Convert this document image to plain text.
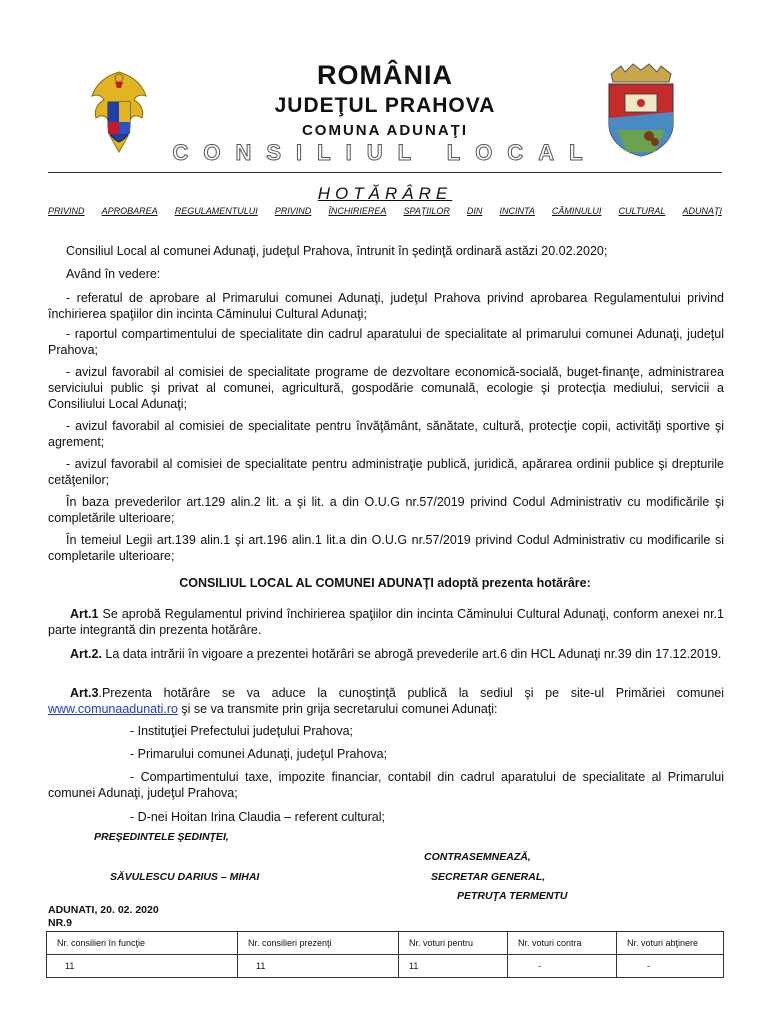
ROMÂNIA
JUDEŢUL PRAHOVA
COMUNA ADUNAŢI
CONSILIUL LOCAL
HOTĂRÂRE
PRIVIND APROBAREA REGULAMENTULUI PRIVIND ÎNCHIRIEREA SPAŢIILOR DIN INCINTA CĂMINULUI CULTURAL ADUNAŢI
Consiliul Local al comunei Adunaţi, judeţul Prahova, întrunit în şedinţă ordinară astăzi 20.02.2020;
Având în vedere:
- referatul de aprobare al Primarului comunei Adunaţi, judeţul Prahova privind aprobarea Regulamentului privind închirierea spaţiilor din incinta Căminului Cultural Adunaţi;
- raportul compartimentului de specialitate din cadrul aparatului de specialitate al primarului comunei Adunaţi, judeţul Prahova;
- avizul favorabil al comisiei de specialitate programe de dezvoltare economică-socială, buget-finanţe, administrarea serviciului public şi privat al comunei, agricultură, gospodărie comunală, ecologie şi protecţia mediului, servicii a Consiliului Local Adunaţi;
- avizul favorabil al comisiei de specialitate pentru învăţământ, sănătate, cultură, protecţie copii, activităţi sportive şi agrement;
- avizul favorabil al comisiei de specialitate pentru administraţie publică, juridică, apărarea ordinii publice şi drepturile cetăţenilor;
În baza prevederilor art.129 alin.2 lit. a şi lit. a din O.U.G nr.57/2019 privind Codul Administrativ cu modificările şi completările ulterioare;
În temeiul Legii art.139 alin.1 şi art.196 alin.1 lit.a din O.U.G nr.57/2019 privind Codul Administrativ cu modificarile si completarile ulterioare;
CONSILIUL LOCAL AL COMUNEI ADUNAŢI adoptă prezenta hotărâre:
Art.1 Se aprobă Regulamentul privind închirierea spaţiilor din incinta Căminului Cultural Adunaţi, conform anexei nr.1 parte integrantă din prezenta hotărâre.
Art.2. La data intrării în vigoare a prezentei hotărâri se abrogă prevederile art.6 din HCL Adunaţi nr.39 din 17.12.2019.
Art.3.Prezenta hotărâre se va aduce la cunoştinţă publică la sediul şi pe site-ul Primăriei comunei www.comunaadunati.ro şi se va transmite prin grija secretarului comunei Adunaţi:
- Instituţiei Prefectului judeţului Prahova;
- Primarului comunei Adunaţi, judeţul Prahova;
- Compartimentului taxe, impozite financiar, contabil din cadrul aparatului de specialitate al Primarului comunei Adunaţi, judeţul Prahova;
- D-nei Hoitan Irina Claudia – referent cultural;
PREŞEDINTELE ŞEDINŢEI,
CONTRASEMNEAZĂ,
SĂVULESCU DARIUS – MIHAI	SECRETAR GENERAL,
PETRUŢA TERMENTU
ADUNATI, 20. 02. 2020
NR.9
Nr. consilieri în funcţie	Nr. consilieri prezenţi	Nr. voturi pentru	Nr. voturi contra	Nr. voturi abţinere
11	11	11	-	-
